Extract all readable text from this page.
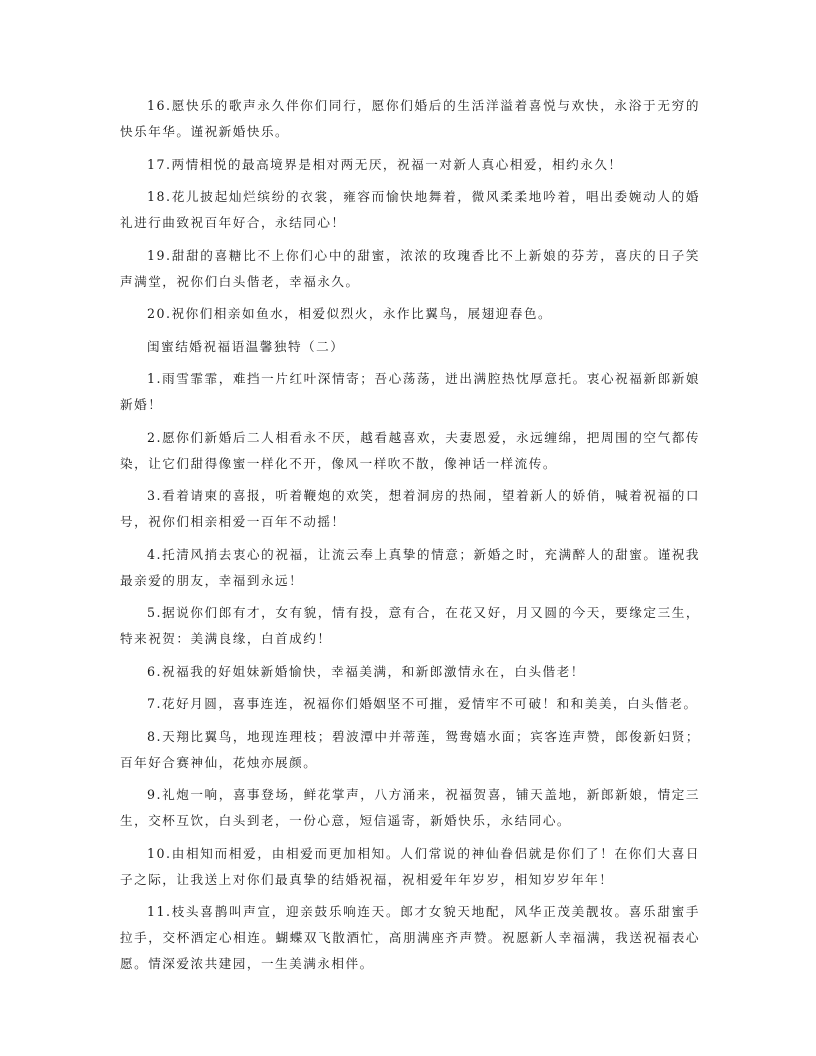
16.愿快乐的歌声永久伴你们同行，愿你们婚后的生活洋溢着喜悦与欢快，永浴于无穷的快乐年华。谨祝新婚快乐。

17.两情相悦的最高境界是相对两无厌，祝福一对新人真心相爱，相约永久！

18.花儿披起灿烂缤纷的衣裳，雍容而愉快地舞着，微风柔柔地吟着，唱出委婉动人的婚礼进行曲致祝百年好合，永结同心！

19.甜甜的喜糖比不上你们心中的甜蜜，浓浓的玫瑰香比不上新娘的芬芳，喜庆的日子笑声满堂，祝你们白头偕老，幸福永久。

20.祝你们相亲如鱼水，相爱似烈火，永作比翼鸟，展翅迎春色。

闺蜜结婚祝福语温馨独特（二）

1.雨雪霏霏，难挡一片红叶深情寄；吾心荡荡，迸出满腔热忱厚意托。衷心祝福新郎新娘新婚！

2.愿你们新婚后二人相看永不厌，越看越喜欢，夫妻恩爱，永远缠绵，把周围的空气都传染，让它们甜得像蜜一样化不开，像风一样吹不散，像神话一样流传。

3.看着请柬的喜报，听着鞭炮的欢笑，想着洞房的热闹，望着新人的娇俏，喊着祝福的口号，祝你们相亲相爱一百年不动摇！

4.托清风捎去衷心的祝福，让流云奉上真挚的情意；新婚之时，充满醉人的甜蜜。谨祝我最亲爱的朋友，幸福到永远！

5.据说你们郎有才，女有貌，情有投，意有合，在花又好，月又圆的今天，要缘定三生，特来祝贺：美满良缘，白首成约！

6.祝福我的好姐妹新婚愉快，幸福美满，和新郎激情永在，白头偕老！

7.花好月圆，喜事连连，祝福你们婚姻坚不可摧，爱情牢不可破！和和美美，白头偕老。

8.天翔比翼鸟，地现连理枝；碧波潭中并蒂莲，鸳鸯嬉水面；宾客连声赞，郎俊新妇贤；百年好合赛神仙，花烛亦展颜。

9.礼炮一响，喜事登场，鲜花掌声，八方涌来，祝福贺喜，铺天盖地，新郎新娘，情定三生，交杯互饮，白头到老，一份心意，短信遥寄，新婚快乐，永结同心。

10.由相知而相爱，由相爱而更加相知。人们常说的神仙眷侣就是你们了！在你们大喜日子之际，让我送上对你们最真挚的结婚祝福，祝相爱年年岁岁，相知岁岁年年！

11.枝头喜鹊叫声宣，迎亲鼓乐响连天。郎才女貌天地配，风华正茂美靓妆。喜乐甜蜜手拉手，交杯酒定心相连。蝴蝶双飞散酒忙，高朋满座齐声赞。祝愿新人幸福满，我送祝福表心愿。情深爱浓共建园，一生美满永相伴。
